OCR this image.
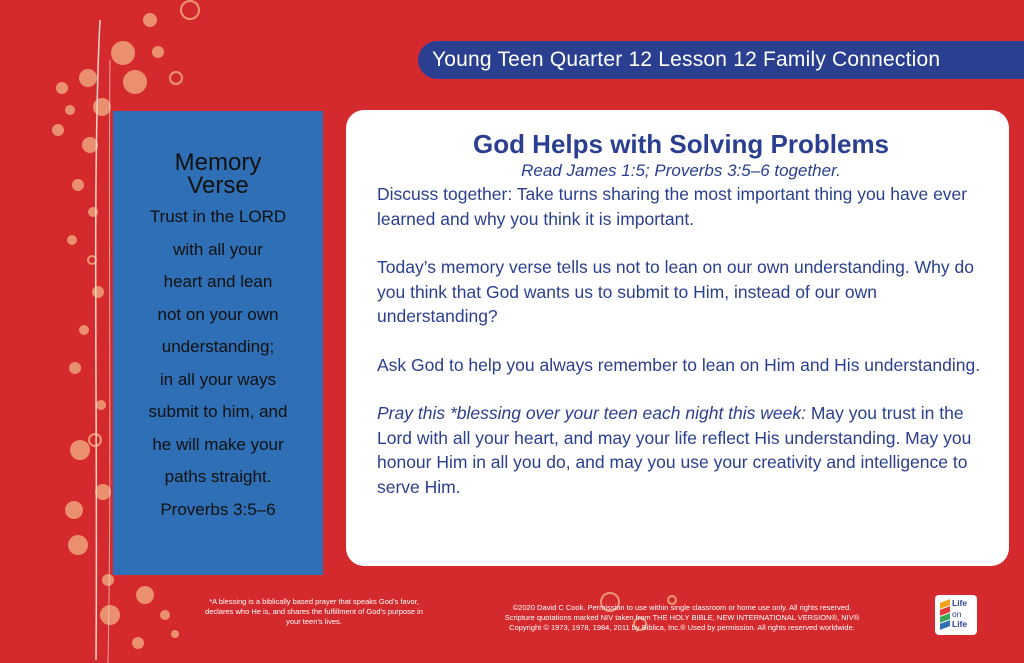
Young Teen Quarter 12 Lesson 12 Family Connection
Memory
Verse
Trust in the LORD
with all your
heart and lean
not on your own
understanding;
in all your ways
submit to him, and
he will make your
paths straight.
Proverbs 3:5–6
God Helps with Solving Problems
Read James 1:5; Proverbs 3:5–6 together.

Discuss together: Take turns sharing the most important thing you have ever learned and why you think it is important.

Today’s memory verse tells us not to lean on our own understanding. Why do you think that God wants us to submit to Him, instead of our own understanding?

Ask God to help you always remember to lean on Him and His understanding.

Pray this *blessing over your teen each night this week: May you trust in the Lord with all your heart, and may your life reflect His understanding. May you honour Him in all you do, and may you use your creativity and intelligence to serve Him.

*A blessing is a biblically based prayer that speaks God’s favor, declares who He is, and shares the fulfillment of God’s purpose in your teen’s lives.
©2020 David C Cook. Permission to use within single classroom or home use only. All rights reserved.
Scripture quotations marked NIV taken from THE HOLY BIBLE, NEW INTERNATIONAL VERSION®, NIV®
Copyright © 1973, 1978, 1984, 2011 by Biblica, Inc.® Used by permission. All rights reserved worldwide.
Life
on
Life
